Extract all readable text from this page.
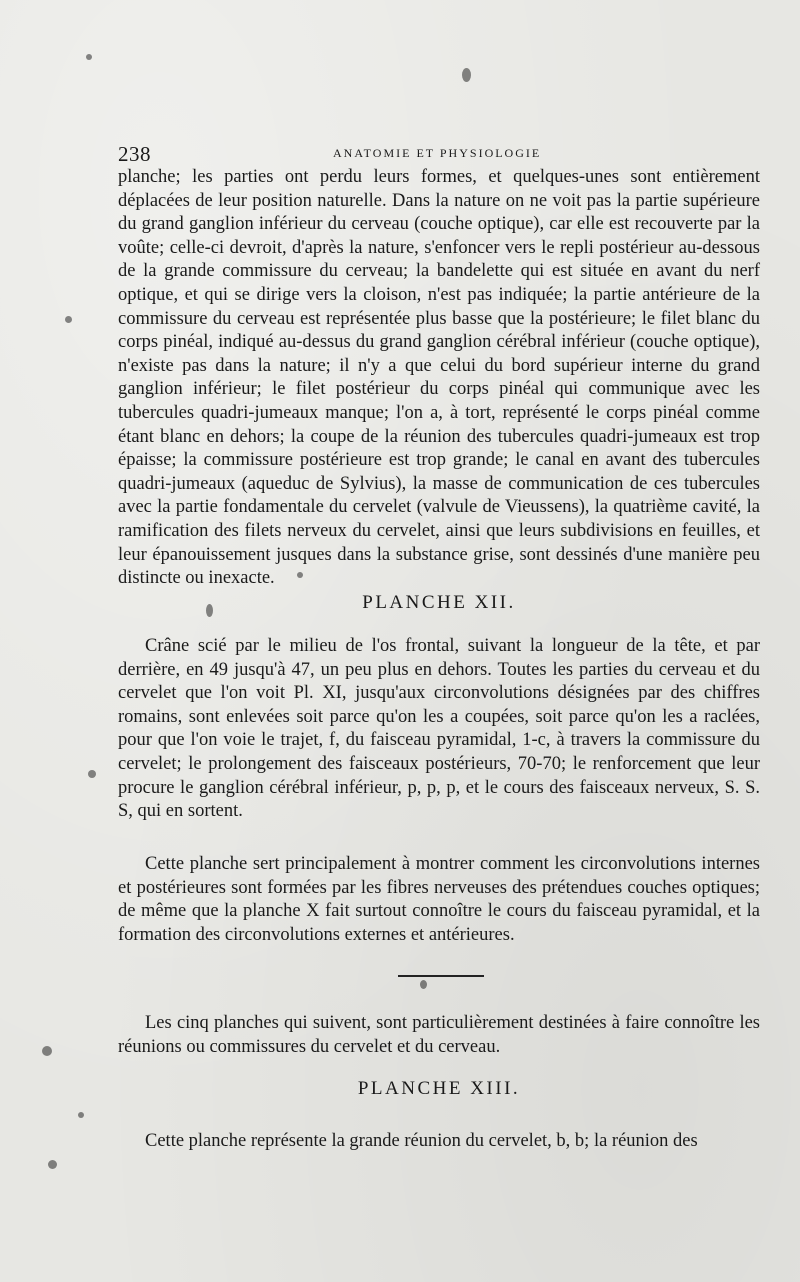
238	ANATOMIE ET PHYSIOLOGIE

planche; les parties ont perdu leurs formes, et quelques-unes sont entièrement déplacées de leur position naturelle. Dans la nature on ne voit pas la partie supérieure du grand ganglion inférieur du cerveau (couche optique), car elle est recouverte par la voûte; celle-ci devroit, d'après la nature, s'enfoncer vers le repli postérieur au-dessous de la grande commissure du cerveau; la bandelette qui est située en avant du nerf optique, et qui se dirige vers la cloison, n'est pas indiquée; la partie antérieure de la commissure du cerveau est représentée plus basse que la postérieure; le filet blanc du corps pinéal, indiqué au-dessus du grand ganglion cérébral inférieur (couche optique), n'existe pas dans la nature; il n'y a que celui du bord supérieur interne du grand ganglion inférieur; le filet postérieur du corps pinéal qui communique avec les tubercules quadri-jumeaux manque; l'on a, à tort, représenté le corps pinéal comme étant blanc en dehors; la coupe de la réunion des tubercules quadri-jumeaux est trop épaisse; la commissure postérieure est trop grande; le canal en avant des tubercules quadri-jumeaux (aqueduc de Sylvius), la masse de communication de ces tubercules avec la partie fondamentale du cervelet (valvule de Vieussens), la quatrième cavité, la ramification des filets nerveux du cervelet, ainsi que leurs subdivisions en feuilles, et leur épanouissement jusques dans la substance grise, sont dessinés d'une manière peu distincte ou inexacte.

PLANCHE XII.

Crâne scié par le milieu de l'os frontal, suivant la longueur de la tête, et par derrière, en 49 jusqu'à 47, un peu plus en dehors. Toutes les parties du cerveau et du cervelet que l'on voit Pl. XI, jusqu'aux circonvolutions désignées par des chiffres romains, sont enlevées soit parce qu'on les a coupées, soit parce qu'on les a raclées, pour que l'on voie le trajet, f, du faisceau pyramidal, 1-c, à travers la commissure du cervelet; le prolongement des faisceaux postérieurs, 70-70; le renforcement que leur procure le ganglion cérébral inférieur, p, p, p, et le cours des faisceaux nerveux, S. S. S, qui en sortent.

Cette planche sert principalement à montrer comment les circonvolutions internes et postérieures sont formées par les fibres nerveuses des prétendues couches optiques; de même que la planche X fait surtout connoître le cours du faisceau pyramidal, et la formation des circonvolutions externes et antérieures.

Les cinq planches qui suivent, sont particulièrement destinées à faire connoître les réunions ou commissures du cervelet et du cerveau.

PLANCHE XIII.

Cette planche représente la grande réunion du cervelet, b, b; la réunion des
